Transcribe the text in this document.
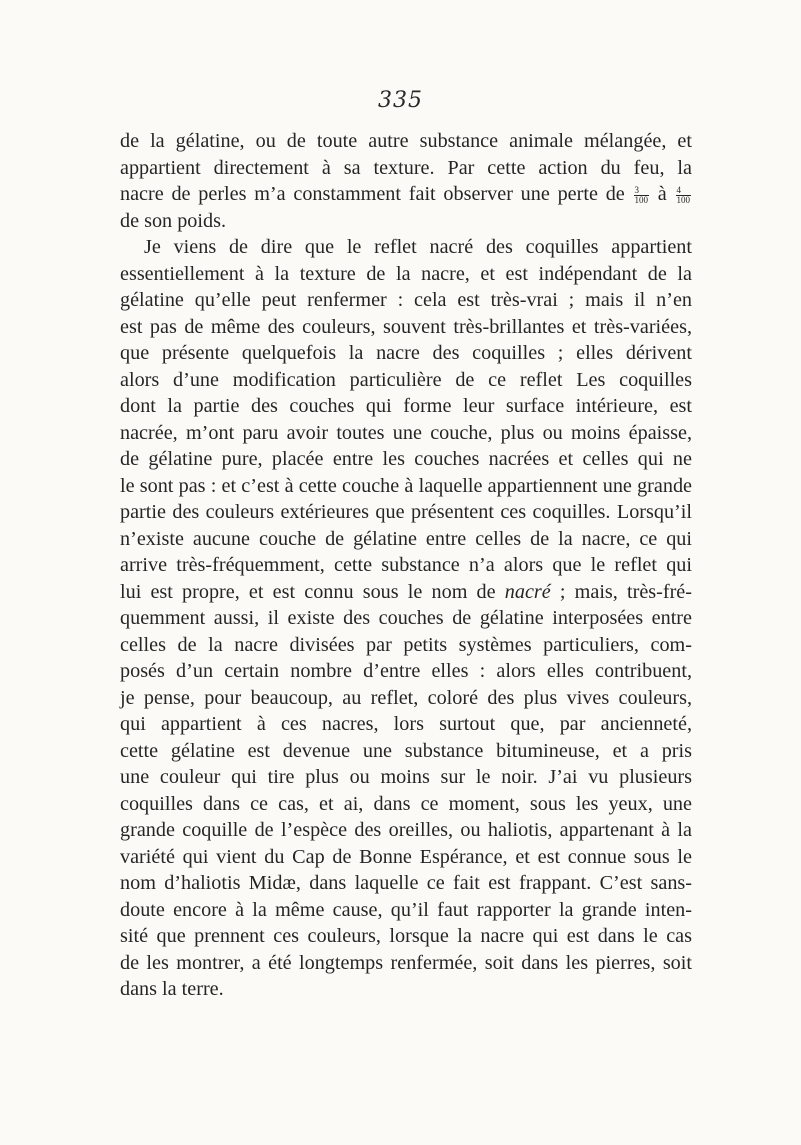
335
de la gélatine, ou de toute autre substance animale mélangée, et
appartient directement à sa texture. Par cette action du feu, la
nacre de perles m’a constamment fait observer une perte de $\frac{3}{100}$ à $\frac{4}{100}$
de son poids.
Je viens de dire que le reflet nacré des coquilles appartient
essentiellement à la texture de la nacre, et est indépendant de la
gélatine qu’elle peut renfermer : cela est très-vrai ; mais il n’en
est pas de même des couleurs, souvent très-brillantes et très-variées,
que présente quelquefois la nacre des coquilles ; elles dérivent
alors d’une modification particulière de ce reflet Les coquilles
dont la partie des couches qui forme leur surface intérieure, est
nacrée, m’ont paru avoir toutes une couche, plus ou moins épaisse,
de gélatine pure, placée entre les couches nacrées et celles qui ne
le sont pas : et c’est à cette couche à laquelle appartiennent une grande
partie des couleurs extérieures que présentent ces coquilles. Lorsqu’il
n’existe aucune couche de gélatine entre celles de la nacre, ce qui
arrive très-fréquemment, cette substance n’a alors que le reflet qui
lui est propre, et est connu sous le nom de nacré ; mais, très-fré-
quemment aussi, il existe des couches de gélatine interposées entre
celles de la nacre divisées par petits systèmes particuliers, com-
posés d’un certain nombre d’entre elles : alors elles contribuent,
je pense, pour beaucoup, au reflet, coloré des plus vives couleurs,
qui appartient à ces nacres, lors surtout que, par ancienneté,
cette gélatine est devenue une substance bitumineuse, et a pris
une couleur qui tire plus ou moins sur le noir. J’ai vu plusieurs
coquilles dans ce cas, et ai, dans ce moment, sous les yeux, une
grande coquille de l’espèce des oreilles, ou haliotis, appartenant à la
variété qui vient du Cap de Bonne Espérance, et est connue sous le
nom d’haliotis Midæ, dans laquelle ce fait est frappant. C’est sans-
doute encore à la même cause, qu’il faut rapporter la grande inten-
sité que prennent ces couleurs, lorsque la nacre qui est dans le cas
de les montrer, a été longtemps renfermée, soit dans les pierres, soit
dans la terre.
